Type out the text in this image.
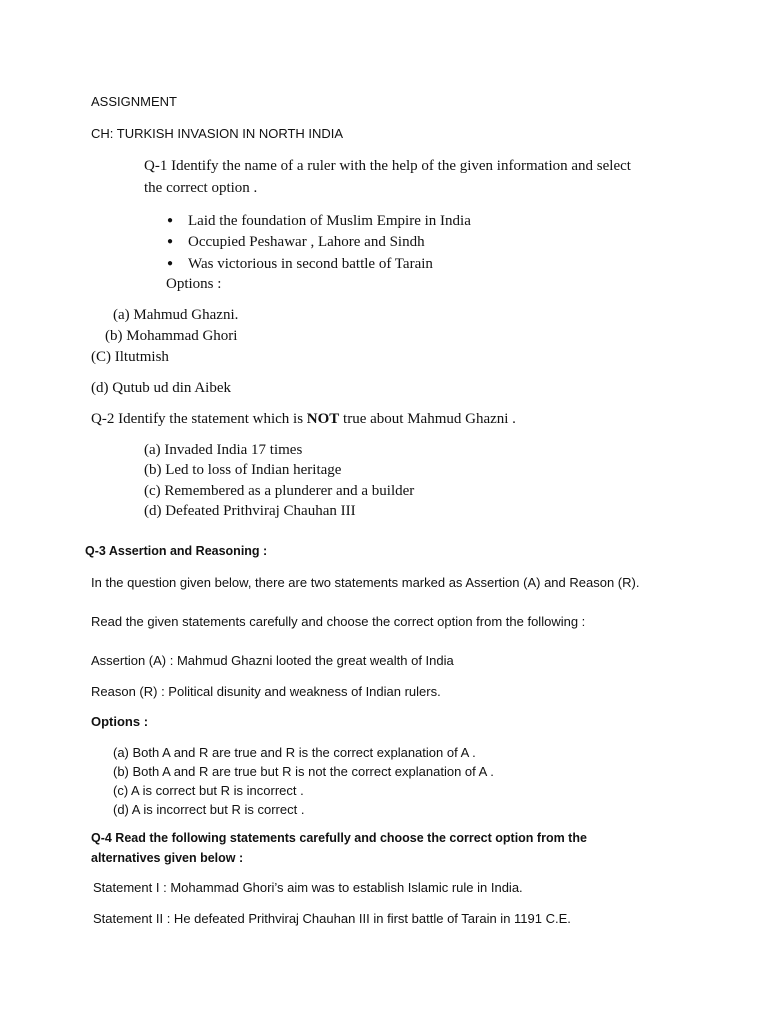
ASSIGNMENT
CH: TURKISH INVASION IN NORTH INDIA
Q-1 Identify the name of a ruler with the help of the given information and select
the correct option .
● Laid the foundation of Muslim Empire in India
● Occupied Peshawar , Lahore and Sindh
● Was victorious in second battle of Tarain
Options :
(a) Mahmud Ghazni.
(b) Mohammad Ghori
(C) Iltutmish
(d) Qutub ud din Aibek
Q-2 Identify the statement which is NOT true about Mahmud Ghazni .
(a) Invaded India 17 times
(b) Led to loss of Indian heritage
(c) Remembered as a plunderer and a builder
(d) Defeated Prithviraj Chauhan III
Q-3 Assertion and Reasoning :
In the question given below, there are two statements marked as Assertion (A) and Reason (R).
Read the given statements carefully and choose the correct option from the following :
Assertion (A) : Mahmud Ghazni looted the great wealth of India
Reason (R) : Political disunity and weakness of Indian rulers.
Options :
(a) Both A and R are true and R is the correct explanation of A .
(b) Both A and R are true but R is not the correct explanation of A .
(c) A is correct but R is incorrect .
(d) A is incorrect but R is correct .
Q-4 Read the following statements carefully and choose the correct option from the
alternatives given below :
Statement I : Mohammad Ghori’s aim was to establish Islamic rule in India.
Statement II : He defeated Prithviraj Chauhan III in first battle of Tarain in 1191 C.E.
